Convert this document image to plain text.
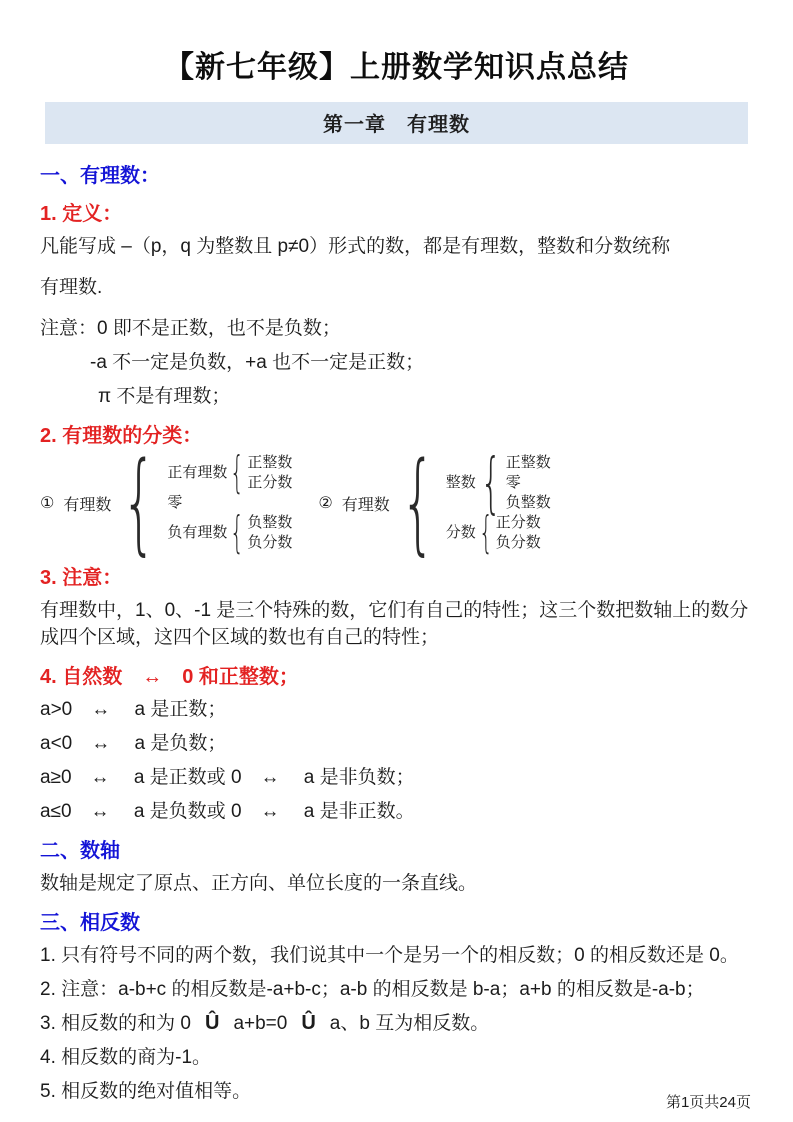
【新七年级】上册数学知识点总结
第一章　有理数

一、有理数：

1. 定义：

凡能写成 –（p，q 为整数且 p≠0）形式的数，都是有理数，整数和分数统称

有理数.

注意：0 即不是正数，也不是负数；

-a 不一定是负数，+a 也不一定是正数；

π 不是有理数；

2. 有理数的分类：

① 有理数 { 正有理数 { 正整数
正分数
零
负有理数 { 负整数
负分数
② 有理数 { 整数 { 正整数
零
负整数
分数 { 正分数
负分数

3. 注意：

有理数中，1、0、-1 是三个特殊的数，它们有自己的特性；这三个数把数轴上的数分成四个区域，这四个区域的数也有自己的特性；

4. 自然数　↔　0 和正整数；

a>0　↔　 a 是正数；

a<0　↔　 a 是负数；

a≥0　↔　 a 是正数或 0　↔　 a 是非负数；

a≤0　↔　 a 是负数或 0　↔　 a 是非正数。

二、数轴

数轴是规定了原点、正方向、单位长度的一条直线。

三、相反数

1. 只有符号不同的两个数，我们说其中一个是另一个的相反数；0 的相反数还是 0。

2. 注意：a-b+c 的相反数是-a+b-c；a-b 的相反数是 b-a；a+b 的相反数是-a-b；

3. 相反数的和为 0 Û a+b=0 Û a、b 互为相反数。

4. 相反数的商为-1。

5. 相反数的绝对值相等。

第1页共24页
